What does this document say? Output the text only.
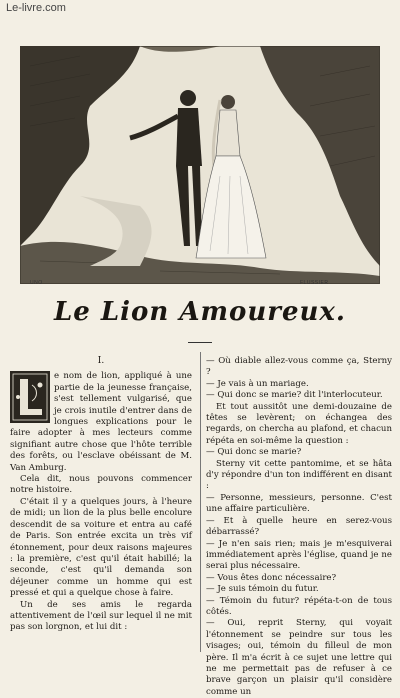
Le-livre.com
UNO	FLUSSIER
Le Lion Amoureux.
I.

e nom de lion, appliqué à une partie de la jeunesse française, s'est tellement vulgarisé, que je crois inutile d'entrer dans de longues explications pour le faire adopter à mes lecteurs comme signifiant autre chose que l'hôte terrible des forêts, ou l'esclave obéissant de M. Van Amburg.

Cela dit, nous pouvons commencer notre histoire.

C'était il y a quelques jours, à l'heure de midi; un lion de la plus belle encolure descendit de sa voiture et entra au café de Paris. Son entrée excita un très vif étonnement, pour deux raisons majeures : la première, c'est qu'il était habillé; la seconde, c'est qu'il demanda son déjeuner comme un homme qui est pressé et qui a quelque chose à faire.

Un de ses amis le regarda attentivement de l'œil sur lequel il ne mit pas son lorgnon, et lui dit :

— Où diable allez-vous comme ça, Sterny ?

— Je vais à un mariage.

— Qui donc se marie? dit l'interlocuteur.

Et tout aussitôt une demi-douzaine de têtes se levèrent; on échangea des regards, on chercha au plafond, et chacun répéta en soi-même la question :

— Qui donc se marie?

Sterny vit cette pantomime, et se hâta d'y répondre d'un ton indifférent en disant :

— Personne, messieurs, personne. C'est une affaire particulière.

— Et à quelle heure en serez-vous débarrassé?

— Je n'en sais rien; mais je m'esquiverai immédiatement après l'église, quand je ne serai plus nécessaire.

— Vous êtes donc nécessaire?

— Je suis témoin du futur.

— Témoin du futur? répéta-t-on de tous côtés.

— Oui, reprit Sterny, qui voyait l'étonnement se peindre sur tous les visages; oui, témoin du filleul de mon père. Il m'a écrit à ce sujet une lettre qui ne me permettait pas de refuser à ce brave garçon un plaisir qu'il considère comme un
